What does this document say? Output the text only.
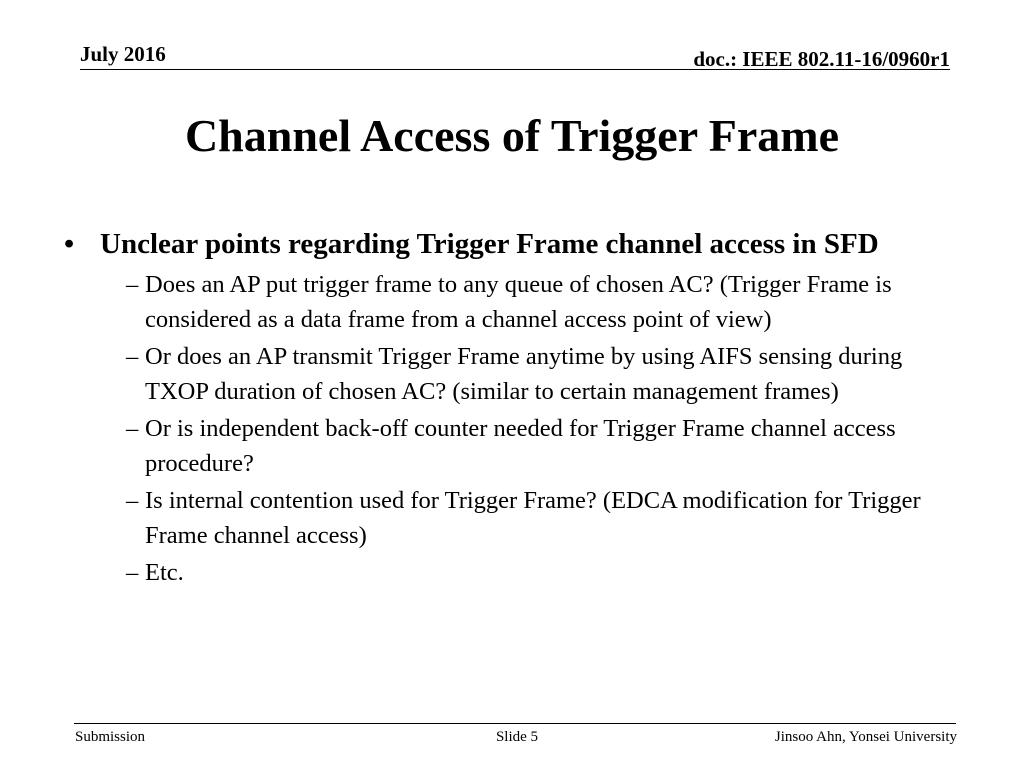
July 2016	doc.: IEEE 802.11-16/0960r1
Channel Access of Trigger Frame
• Unclear points regarding Trigger Frame channel access in SFD
– Does an AP put trigger frame to any queue of chosen AC? (Trigger Frame is considered as a data frame from a channel access point of view)
– Or does an AP transmit Trigger Frame anytime by using AIFS sensing during TXOP duration of chosen AC? (similar to certain management frames)
– Or is independent back-off counter needed for Trigger Frame channel access procedure?
– Is internal contention used for Trigger Frame? (EDCA modification for Trigger Frame channel access)
– Etc.
Submission	Slide 5	Jinsoo Ahn, Yonsei University
